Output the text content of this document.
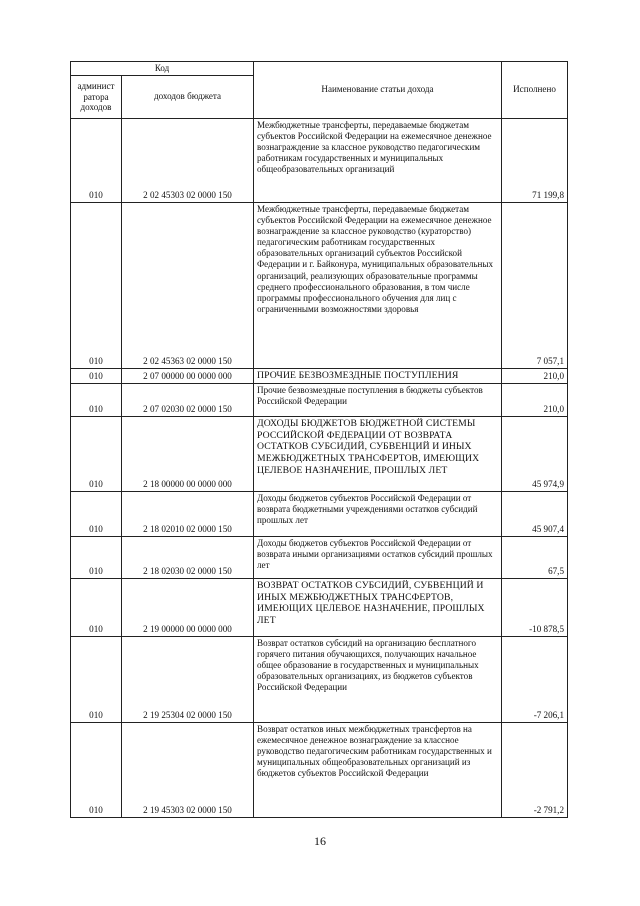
Код		Наименование статьи дохода	Исполнено
админист ратора доходов	доходов бюджета		
010	2 02 45303 02 0000 150	Межбюджетные трансферты, передаваемые бюджетам субъектов Российской Федерации на ежемесячное денежное вознаграждение за классное руководство педагогическим работникам государственных и муниципальных общеобразовательных организаций	71 199,8
010	2 02 45363 02 0000 150	Межбюджетные трансферты, передаваемые бюджетам субъектов Российской Федерации на ежемесячное денежное вознаграждение за классное руководство (кураторство) педагогическим работникам государственных образовательных организаций субъектов Российской Федерации и г. Байконура, муниципальных образовательных организаций, реализующих образовательные программы среднего профессионального образования, в том числе программы профессионального обучения для лиц с ограниченными возможностями здоровья	7 057,1
010	2 07 00000 00 0000 000	ПРОЧИЕ БЕЗВОЗМЕЗДНЫЕ ПОСТУПЛЕНИЯ	210,0
010	2 07 02030 02 0000 150	Прочие безвозмездные поступления в бюджеты субъектов Российской Федерации	210,0
010	2 18 00000 00 0000 000	ДОХОДЫ БЮДЖЕТОВ БЮДЖЕТНОЙ СИСТЕМЫ РОССИЙСКОЙ ФЕДЕРАЦИИ ОТ ВОЗВРАТА ОСТАТКОВ СУБСИДИЙ, СУБВЕНЦИЙ И ИНЫХ МЕЖБЮДЖЕТНЫХ ТРАНСФЕРТОВ, ИМЕЮЩИХ ЦЕЛЕВОЕ НАЗНАЧЕНИЕ, ПРОШЛЫХ ЛЕТ	45 974,9
010	2 18 02010 02 0000 150	Доходы бюджетов субъектов Российской Федерации от возврата бюджетными учреждениями остатков субсидий прошлых лет	45 907,4
010	2 18 02030 02 0000 150	Доходы бюджетов субъектов Российской Федерации от возврата иными организациями остатков субсидий прошлых лет	67,5
010	2 19 00000 00 0000 000	ВОЗВРАТ ОСТАТКОВ СУБСИДИЙ, СУБВЕНЦИЙ И ИНЫХ МЕЖБЮДЖЕТНЫХ ТРАНСФЕРТОВ, ИМЕЮЩИХ ЦЕЛЕВОЕ НАЗНАЧЕНИЕ, ПРОШЛЫХ ЛЕТ	-10 878,5
010	2 19 25304 02 0000 150	Возврат остатков субсидий на организацию бесплатного горячего питания обучающихся, получающих начальное общее образование в государственных и муниципальных образовательных организациях, из бюджетов субъектов Российской Федерации	-7 206,1
010	2 19 45303 02 0000 150	Возврат остатков иных межбюджетных трансфертов на ежемесячное денежное вознаграждение за классное руководство педагогическим работникам государственных и муниципальных общеобразовательных организаций из бюджетов субъектов Российской Федерации	-2 791,2
16
